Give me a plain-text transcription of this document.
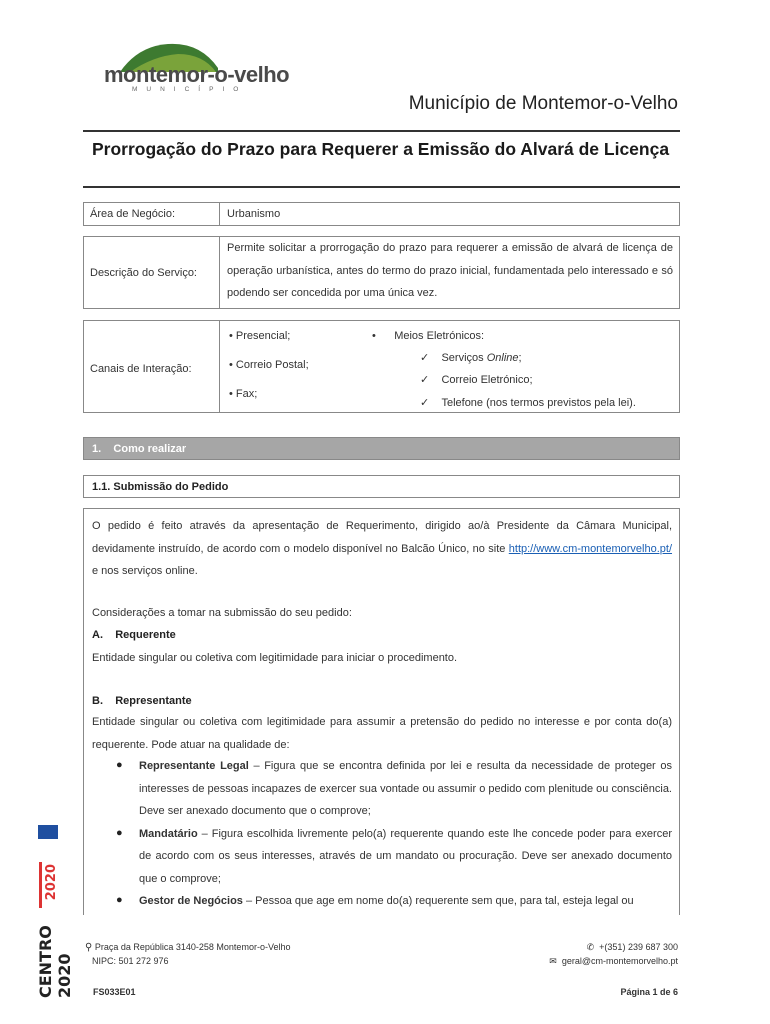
montemor-o-velho
MUNICÍPIO
Município de Montemor-o-Velho
Prorrogação do Prazo para Requerer a Emissão do Alvará de Licença
Área de Negócio:	Urbanismo
Descrição do Serviço:
Permite solicitar a prorrogação do prazo para requerer a emissão de alvará de licença de operação urbanística, antes do termo do prazo inicial, fundamentada pelo interessado e só podendo ser concedida por uma única vez.
Canais de Interação:
• Presencial;
• Correio Postal;
• Fax;
•      Meios Eletrónicos:
✓ Serviços Online;
✓ Correio Eletrónico;
✓ Telefone (nos termos previstos pela lei).
1. Como realizar
1.1. Submissão do Pedido
O pedido é feito através da apresentação de Requerimento, dirigido ao/à Presidente da Câmara Municipal, devidamente instruído, de acordo com o modelo disponível no Balcão Único, no site http://www.cm-montemorvelho.pt/ e nos serviços online.
Considerações a tomar na submissão do seu pedido:
A. Requerente
Entidade singular ou coletiva com legitimidade para iniciar o procedimento.
B. Representante
Entidade singular ou coletiva com legitimidade para assumir a pretensão do pedido no interesse e por conta do(a) requerente. Pode atuar na qualidade de:
● Representante Legal – Figura que se encontra definida por lei e resulta da necessidade de proteger os interesses de pessoas incapazes de exercer sua vontade ou assumir o pedido com plenitude ou consciência. Deve ser anexado documento que o comprove;
● Mandatário – Figura escolhida livremente pelo(a) requerente quando este lhe concede poder para exercer de acordo com os seus interesses, através de um mandato ou procuração. Deve ser anexado documento que o comprove;
● Gestor de Negócios – Pessoa que age em nome do(a) requerente sem que, para tal, esteja legal ou
2020
CENTRO 2020
⚲ Praça da República 3140-258 Montemor-o-Velho
NIPC: 501 272 976
✆ +(351) 239 687 300
✉ geral@cm-montemorvelho.pt
FS033E01	Página 1 de 6
